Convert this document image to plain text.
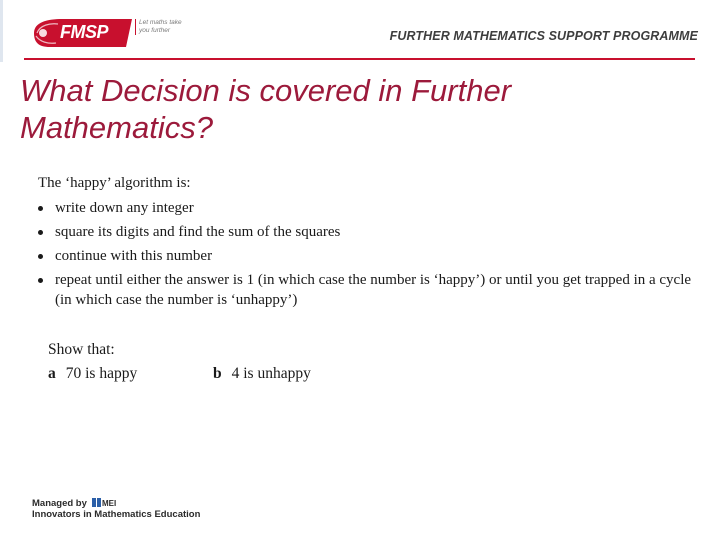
FMSP	Let maths take you further	FURTHER MATHEMATICS SUPPORT PROGRAMME
What Decision is covered in Further Mathematics?

The ‘happy’ algorithm is:

write down any integer
square its digits and find the sum of the squares
continue with this number
repeat until either the answer is 1 (in which case the number is ‘happy’) or until you get trapped in a cycle (in which case the number is ‘unhappy’)
Show that:
a 70 is happy	b 4 is unhappy
Managed by MEI
Innovators in Mathematics Education
